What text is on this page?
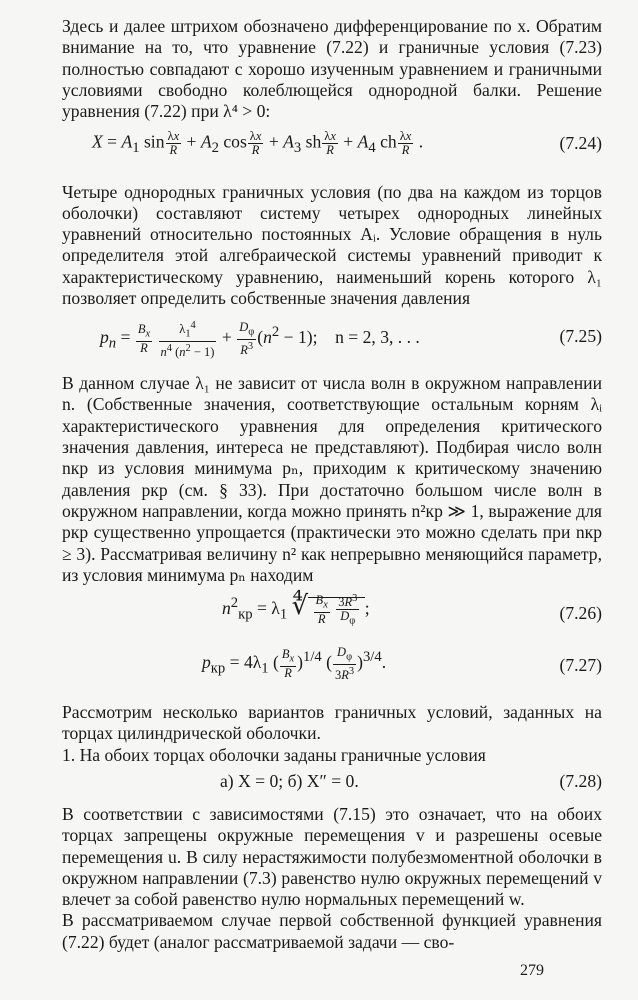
Здесь и далее штрихом обозначено дифференцирование по x. Обратим внимание на то, что уравнение (7.22) и граничные условия (7.23) полностью совпадают с хорошо изученным уравнением и граничными условиями свободно колеблющейся однородной балки. Решение уравнения (7.22) при λ⁴ > 0:

$X = A_1$ $\sin \frac{\lambda x}{R} + A_2$ $\cos \frac{\lambda x}{R} + A_3$ sh $\frac{\lambda x}{R} + A_4$ ch $\frac{\lambda x}{R}$ .	(7.24)

Четыре однородных граничных условия (по два на каждом из торцов оболочки) составляют систему четырех однородных линейных уравнений относительно постоянных Aᵢ. Условие обращения в нуль определителя этой алгебраической системы уравнений приводит к характеристическому уравнению, наименьший корень которого λ₁ позволяет определить собственные значения давления

$p_n = \frac{B_x}{R}$
$\frac{\lambda_1^4}{n^4 (n^2 - 1)} + \frac{D_\varphi}{R^3} (n^2 - 1)$;    n = 2, 3, . . .	(7.25)

В данном случае λ₁ не зависит от числа волн в окружном направлении n. (Собственные значения, соответствующие остальным корням λᵢ характеристического уравнения для определения критического значения давления, интереса не представляют). Подбирая число волн nкр из условия минимума pₙ, приходим к критическому значению давления pкр (см. § 33). При достаточно большом числе волн в окружном направлении, когда можно принять n²кр ≫ 1, выражение для pкр существенно упрощается (практически это можно сделать при nкр ≥ 3). Рассматривая величину n² как непрерывно меняющийся параметр, из условия минимума pₙ находим

$n^2_{кр} = \lambda_1$ ∜ $\frac{B_x}{R}$
$\frac{3R^3}{D_\varphi}$ ;	(7.26)
$p_{кр} = 4\lambda_1$ ( $\frac{B_x}{R} )^{1/4}$ ( $\frac{D_\varphi}{3R^3} )^{3/4}$.	(7.27)

Рассмотрим несколько вариантов граничных условий, заданных на торцах цилиндрической оболочки.

1. На обоих торцах оболочки заданы граничные условия

а) X = 0; б) X″ = 0.	(7.28)

В соответствии с зависимостями (7.15) это означает, что на обоих торцах запрещены окружные перемещения v и разрешены осевые перемещения u. В силу нерастяжимости полубезмоментной оболочки в окружном направлении (7.3) равенство нулю окружных перемещений v влечет за собой равенство нулю нормальных перемещений w.

В рассматриваемом случае первой собственной функцией уравнения (7.22) будет (аналог рассматриваемой задачи — сво-

279
